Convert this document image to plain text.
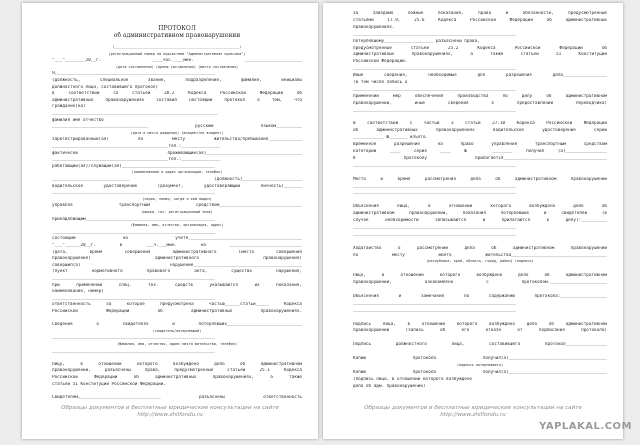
ПРОТОКОЛ
об административном правонарушении
(___________________________________________________________)
(регистрационный номер по подсистеме "Административная практика")
"___"________20__г. ____час.____мин. ______________________
(дата составления) (время составления) (место составления)
Я,_____________________________________________________________
(должность, специальное звание, подразделение, фамилия, инициалы
должностного лица, составившего протокол)
в соответствии со статьей 28.2 Кодекса Российской Федерации об
административных правонарушениях составил настоящий протокол о том, что
гражданин(ка)
________________________________________________________________
фамилия имя отчество
_____________________________________ русским языком__________
(дата и место рождения) (владеет/не владеет)
зарегистрированный(ая) по месту жительства/пребывания_____________
_____________________________________________тел.:_______________
фактически проживающий(ая)_____________________________________
_____________________________________________тел.:_______________
работающий(ая)/служащий(ая)____________________________________
(наименование и адрес организации, телефон)
______________________________ (должность)_______________________
водительское удостоверение (документ, удостоверяющий личность)_______
_______________________________________________________________
(серия, номер, когда и кем выдан)
управляя транспортным средством________________________________
(марка, гос. регистрационный знак)
принадлежащим__________________________________________________
(фамилия, имя, отчество, организация, адрес)
_______________________________________________________________
состоящим на учете____________________________________________
"___"______20__г. в ___ч.___мин. на ____________________________
(дата, время совершения административного (место совершения
правонарушения) административного правонарушения)
совершил(а) нарушение__________________________________________
(пункт нормативного правового акта, существо нарушения,
_______________________________________________________________
при применении спец. тех. средств указываются их показания,
наименование, номер)
_______________________________________________________________
ответственность за которое предусмотрена частью______статьи_____ Кодекса
Российской Федерации об административных правонарушениях.
Сведения о свидетелях и потерпевших_____________________________
(свидетель/потерпевший)
_______________________________________________________________
(фамилия, имя, отчество, адрес места жительства, телефон)
_______________________________________________________________
Лицу, в отношении которого возбуждено дело об административном
правонарушении, разъяснены права, предусмотренные статьей 25.1 Кодекса
Российской Федерации об административных правонарушениях, а также
статьей 51 Конституции Российской Федерации.
Свидетелям,_______________________________ разъяснены ответственность
Образцы документов и бесплатные юридические консультации на сайте
http://www.zhilfondu.ru
за заведомо ложные показания, права и обязанности, предусмотренные
статьями 17.9, 25.6 Кодекса Российской Федерации об административных
правонарушениях.
_______________________________________________________________
Потерпевшему___________________ разъяснены права,
предусмотренные статьей 25.2 Кодекса Российской Федерации об
административных правонарушениях, а также статьей 51 Конституции
Российской Федерации.
_______________________________________________________________
Иные сведения, необходимые для разрешения дела_________________
(в том числе запись о
_______________________________________________________________
применении мер обеспечения производства по делу об административном
правонарушении, иные сведения о предоставлении переводчика)
_______________________________________________________________
В соответствии с частью 3 статьи 27.10 Кодекса Российской Федерации
об административных правонарушениях водительское удостоверение серии
____________ №_______ изъято.
Временное разрешение на право управления транспортным средством
категории ____ серия ____ № ________ получил (а)________________
К протоколу прилагается________________________________________
_______________________________________________________________
Место и время рассмотрения дела об административном правонарушении
_______________________________________________________________
_______________________________________________________________
Объяснения лица, в отношении которого возбуждено дело об
административном правонарушении, показания потерпевших и свидетелей (в
случае необходимости записываются и прилагаются к делу):__________
_______________________________________________________________
_______________________________________________________________
Ходатайство о рассмотрении дела об административном правонарушении
по месту моего жительства_____________________________________
(республика, край, область, город, район) (подпись)
Лицо, в отношении которого возбуждено дело об административном
правонарушении, ознакомлено с протоколом.______________________
Объяснения и замечания по содержанию протокола:__________________
_______________________________________________________________
_______________________________________________________________
Подпись лица, в отношении которого возбуждено дело об административном
правонарушении (запись об его отказе от подписания протокола)
Подпись должностного лица, составившего протокол________________
Копию протокола получил(а)______________________________________
(подпись потерпевшего)
Копию протокола получил(а)______________________________________
(подпись лица, в отношении которого возбуждено
дело об адм. правонарушении)
Образцы документов и бесплатные юридические консультации на сайте
http://www.zhilfondu.ru
YAPLAKAL.COM
